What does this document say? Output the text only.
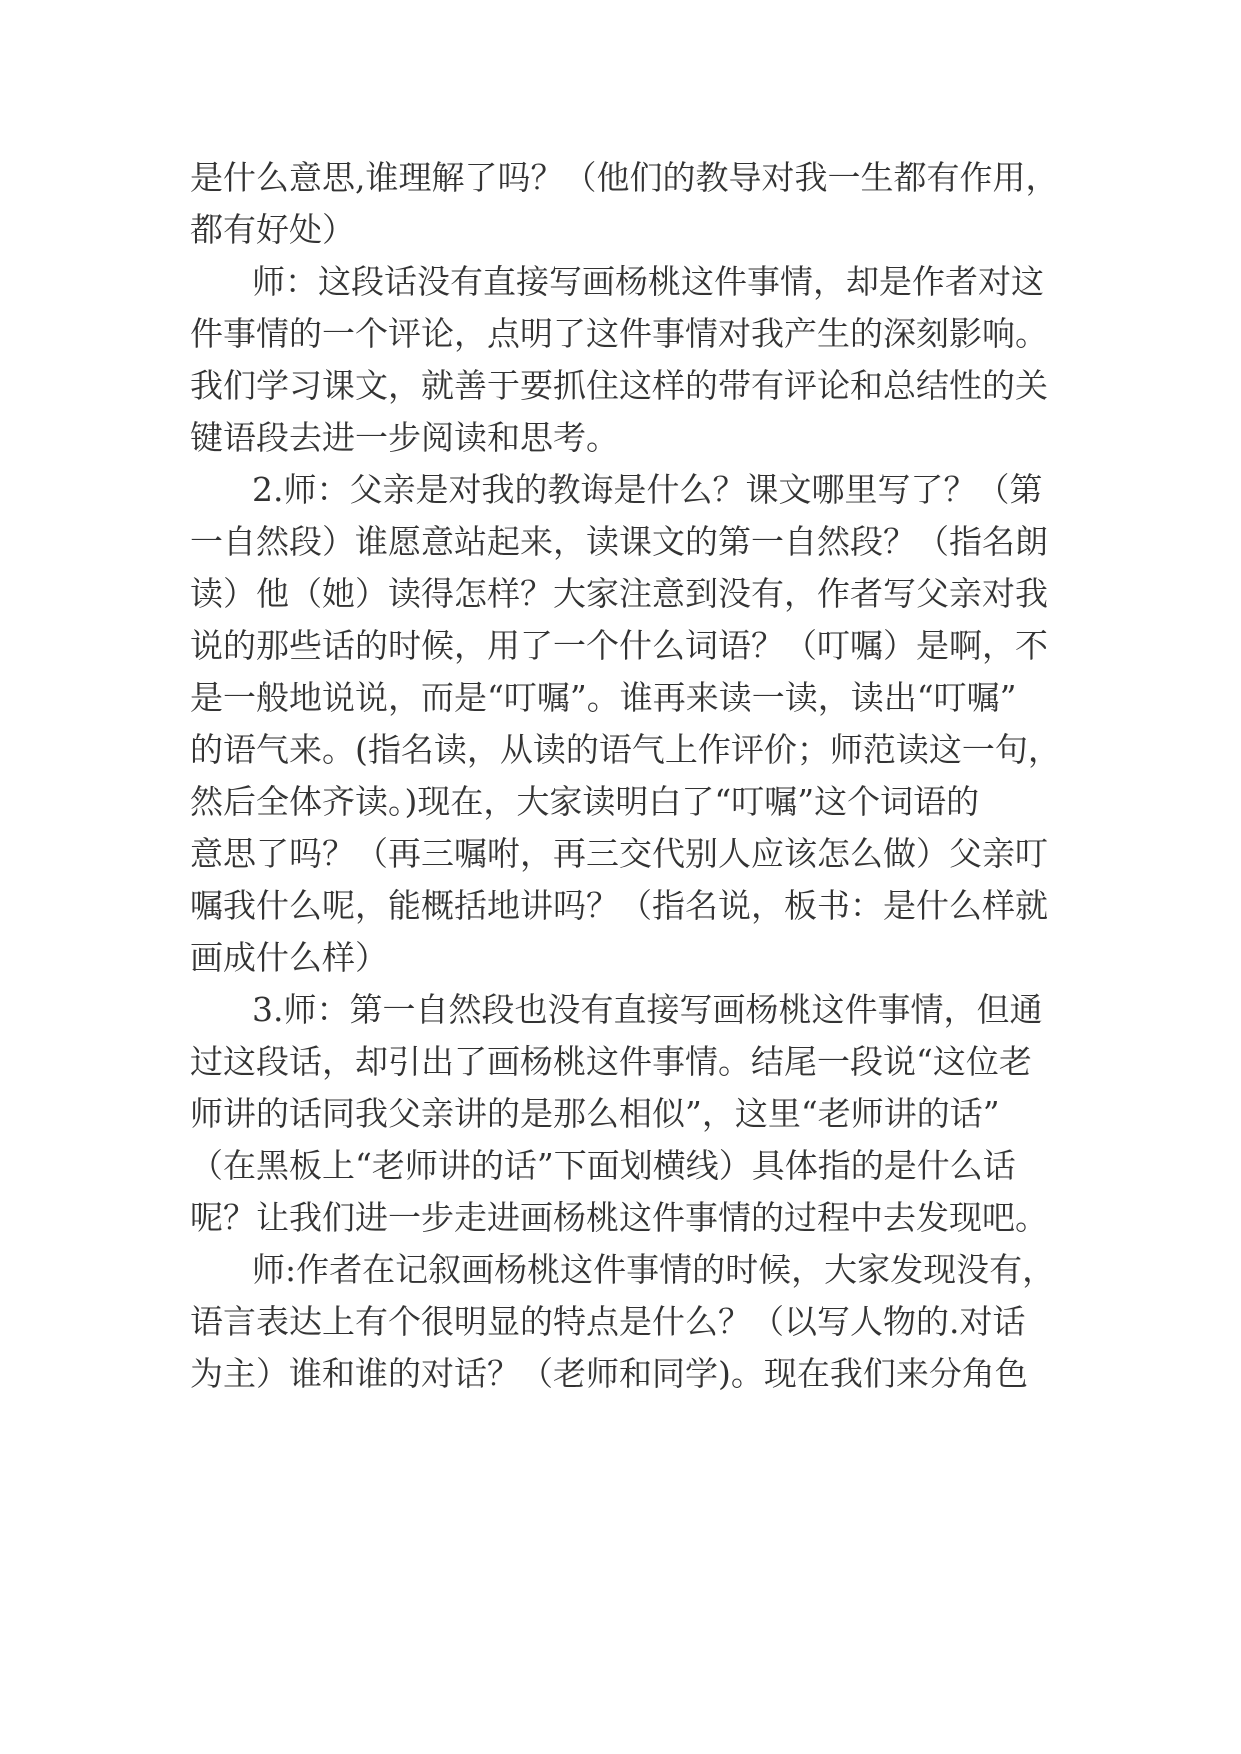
是什么意思,谁理解了吗？（他们的教导对我一生都有作用，
都有好处）
师：这段话没有直接写画杨桃这件事情，却是作者对这
件事情的一个评论，点明了这件事情对我产生的深刻影响。
我们学习课文，就善于要抓住这样的带有评论和总结性的关
键语段去进一步阅读和思考。
2.师：父亲是对我的教诲是什么？课文哪里写了？（第
一自然段）谁愿意站起来，读课文的第一自然段？（指名朗
读）他（她）读得怎样？大家注意到没有，作者写父亲对我
说的那些话的时候，用了一个什么词语？（叮嘱）是啊，不
是一般地说说，而是“叮嘱”。谁再来读一读，读出“叮嘱”
的语气来。(指名读，从读的语气上作评价；师范读这一句，
然后全体齐读。)现在，大家读明白了“叮嘱”这个词语的
意思了吗？（再三嘱咐，再三交代别人应该怎么做）父亲叮
嘱我什么呢，能概括地讲吗？（指名说，板书：是什么样就
画成什么样）
3.师：第一自然段也没有直接写画杨桃这件事情，但通
过这段话，却引出了画杨桃这件事情。结尾一段说“这位老
师讲的话同我父亲讲的是那么相似”，这里“老师讲的话”
（在黑板上“老师讲的话”下面划横线）具体指的是什么话
呢？让我们进一步走进画杨桃这件事情的过程中去发现吧。
师:作者在记叙画杨桃这件事情的时候，大家发现没有，
语言表达上有个很明显的特点是什么？（以写人物的.对话
为主）谁和谁的对话？（老师和同学)。现在我们来分角色
